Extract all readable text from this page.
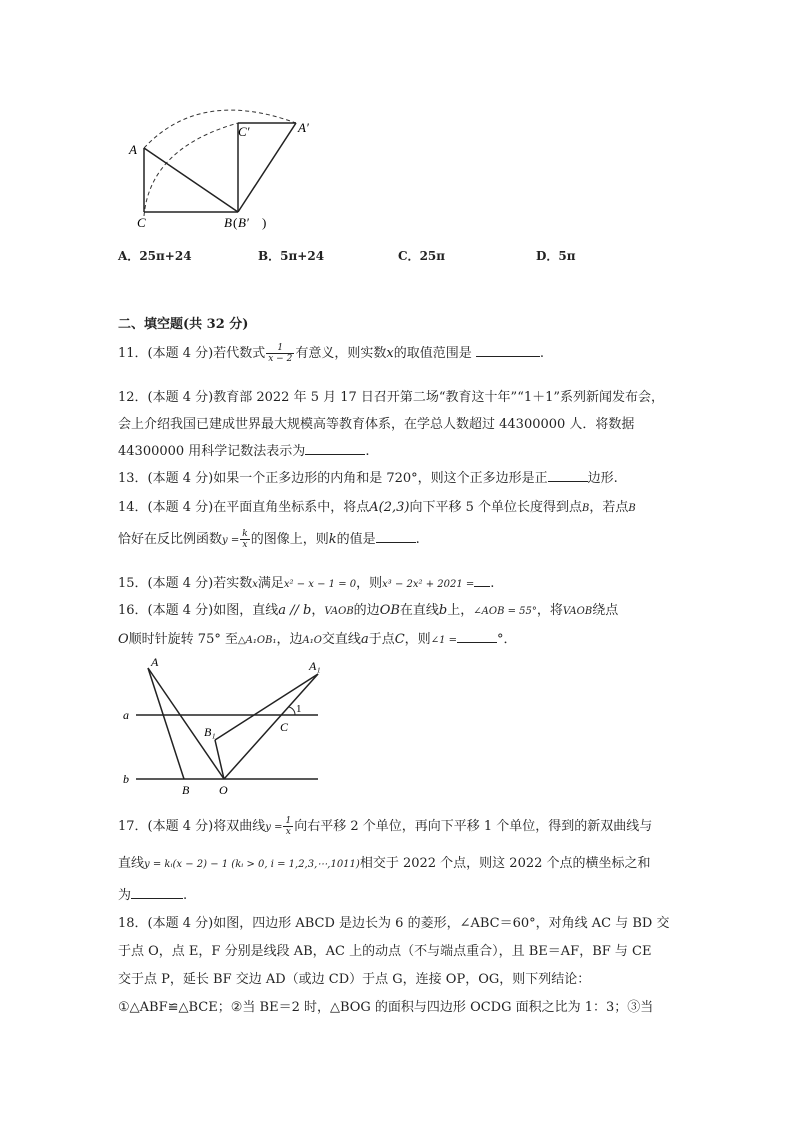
A
C	B ( B′ )
C′	A′
A．25π+24	B．5π+24	C．25π	D．5π
二、填空题(共 32 分)
11．(本题 4 分)若代数式 $\frac{1}{x - 2}$ 有意义，则实数x的取值范围是	.
12．(本题 4 分)教育部 2022 年 5 月 17 日召开第二场“教育这十年”“1＋1”系列新闻发布会，
会上介绍我国已建成世界最大规模高等教育体系，在学总人数超过 44300000 人．将数据
44300000 用科学记数法表示为	.
13．(本题 4 分)如果一个正多边形的内角和是 720°，则这个正多边形是正	边形.
14．(本题 4 分)在平面直角坐标系中，将点A(2,3)向下平移 5 个单位长度得到点B，若点B
恰好在反比例函数$y = \frac{k}{x}$ 的图像上，则k的值是	.
15．(本题 4 分)若实数x满足x² − x − 1 = 0，则x³ − 2x² + 2021 = .
16．(本题 4 分)如图，直线a // b，VAOB的边OB在直线b上，∠AOB = 55°，将VAOB绕点
O顺时针旋转 75° 至△A₁OB₁，边A₁O交直线a于点C，则∠1 =	°．
A	A₁
a
b
B₁	C
1
B O
17．(本题 4 分)将双曲线$y = \frac{1}{x}$ 向右平移 2 个单位，再向下平移 1 个单位，得到的新双曲线与
直线y = kᵢ(x − 2) − 1 (kᵢ > 0, i = 1,2,3,⋯,1011)相交于 2022 个点，则这 2022 个点的横坐标之和
为	.
18．(本题 4 分)如图，四边形 ABCD 是边长为 6 的菱形，∠ABC＝60°，对角线 AC 与 BD 交
于点 O，点 E，F 分别是线段 AB，AC 上的动点（不与端点重合），且 BE＝AF，BF 与 CE
交于点 P，延长 BF 交边 AD（或边 CD）于点 G，连接 OP，OG，则下列结论：
①△ABF≌△BCE；②当 BE＝2 时，△BOG 的面积与四边形 OCDG 面积之比为 1：3；③当
